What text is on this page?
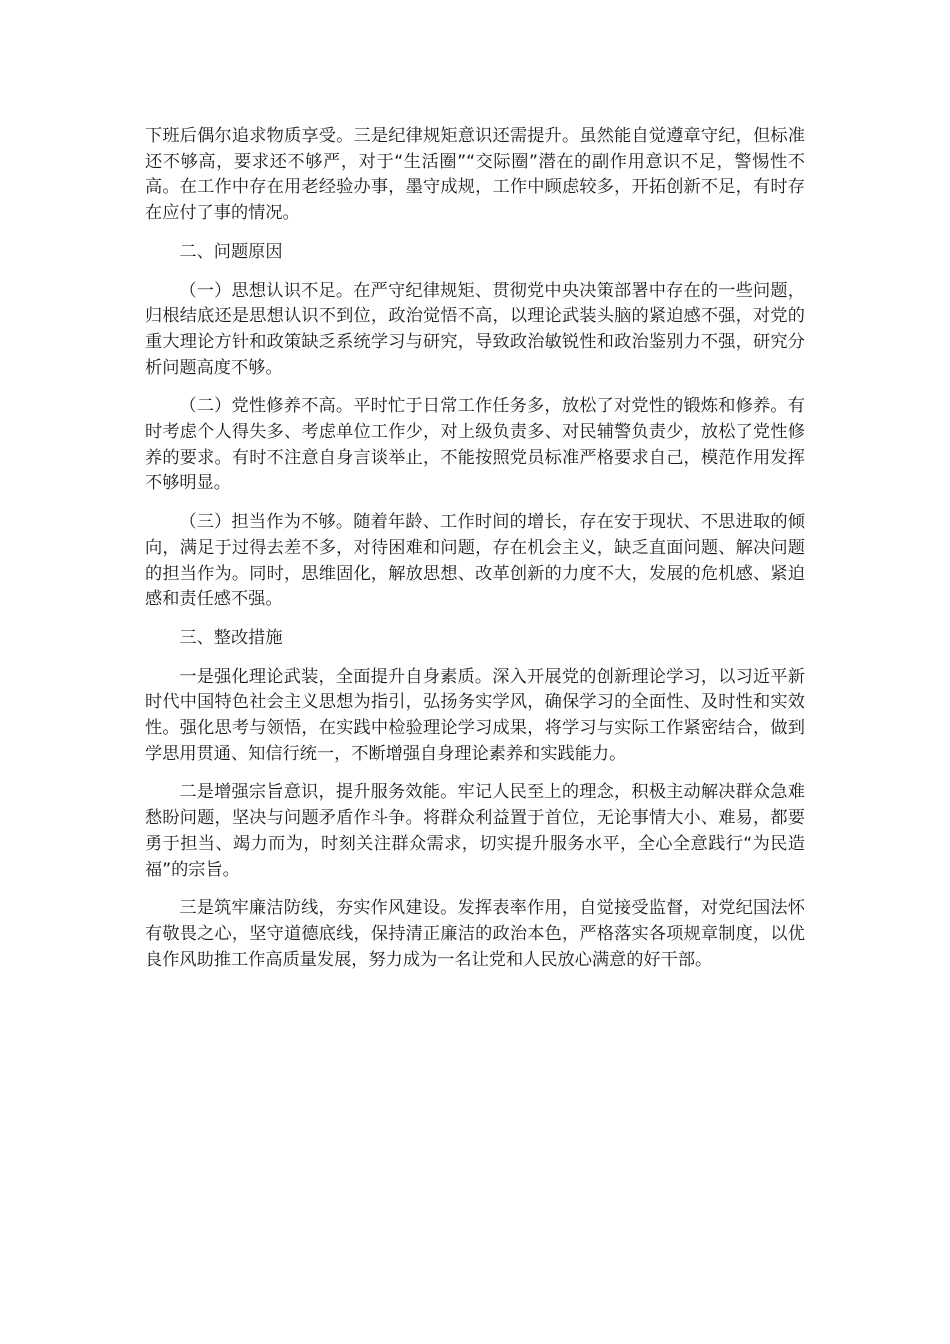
下班后偶尔追求物质享受。三是纪律规矩意识还需提升。虽然能自觉遵章守纪，但标准还不够高，要求还不够严，对于“生活圈”“交际圈”潜在的副作用意识不足，警惕性不高。在工作中存在用老经验办事，墨守成规，工作中顾虑较多，开拓创新不足，有时存在应付了事的情况。

二、问题原因

（一）思想认识不足。在严守纪律规矩、贯彻党中央决策部署中存在的一些问题，归根结底还是思想认识不到位，政治觉悟不高，以理论武装头脑的紧迫感不强，对党的重大理论方针和政策缺乏系统学习与研究，导致政治敏锐性和政治鉴别力不强，研究分析问题高度不够。

（二）党性修养不高。平时忙于日常工作任务多，放松了对党性的锻炼和修养。有时考虑个人得失多、考虑单位工作少，对上级负责多、对民辅警负责少，放松了党性修养的要求。有时不注意自身言谈举止，不能按照党员标准严格要求自己，模范作用发挥不够明显。

（三）担当作为不够。随着年龄、工作时间的增长，存在安于现状、不思进取的倾向，满足于过得去差不多，对待困难和问题，存在机会主义，缺乏直面问题、解决问题的担当作为。同时，思维固化，解放思想、改革创新的力度不大，发展的危机感、紧迫感和责任感不强。

三、整改措施

一是强化理论武装，全面提升自身素质。深入开展党的创新理论学习，以习近平新时代中国特色社会主义思想为指引，弘扬务实学风，确保学习的全面性、及时性和实效性。强化思考与领悟，在实践中检验理论学习成果，将学习与实际工作紧密结合，做到学思用贯通、知信行统一，不断增强自身理论素养和实践能力。

二是增强宗旨意识，提升服务效能。牢记人民至上的理念，积极主动解决群众急难愁盼问题，坚决与问题矛盾作斗争。将群众利益置于首位，无论事情大小、难易，都要勇于担当、竭力而为，时刻关注群众需求，切实提升服务水平，全心全意践行“为民造福”的宗旨。

三是筑牢廉洁防线，夯实作风建设。发挥表率作用，自觉接受监督，对党纪国法怀有敬畏之心，坚守道德底线，保持清正廉洁的政治本色，严格落实各项规章制度，以优良作风助推工作高质量发展，努力成为一名让党和人民放心满意的好干部。
